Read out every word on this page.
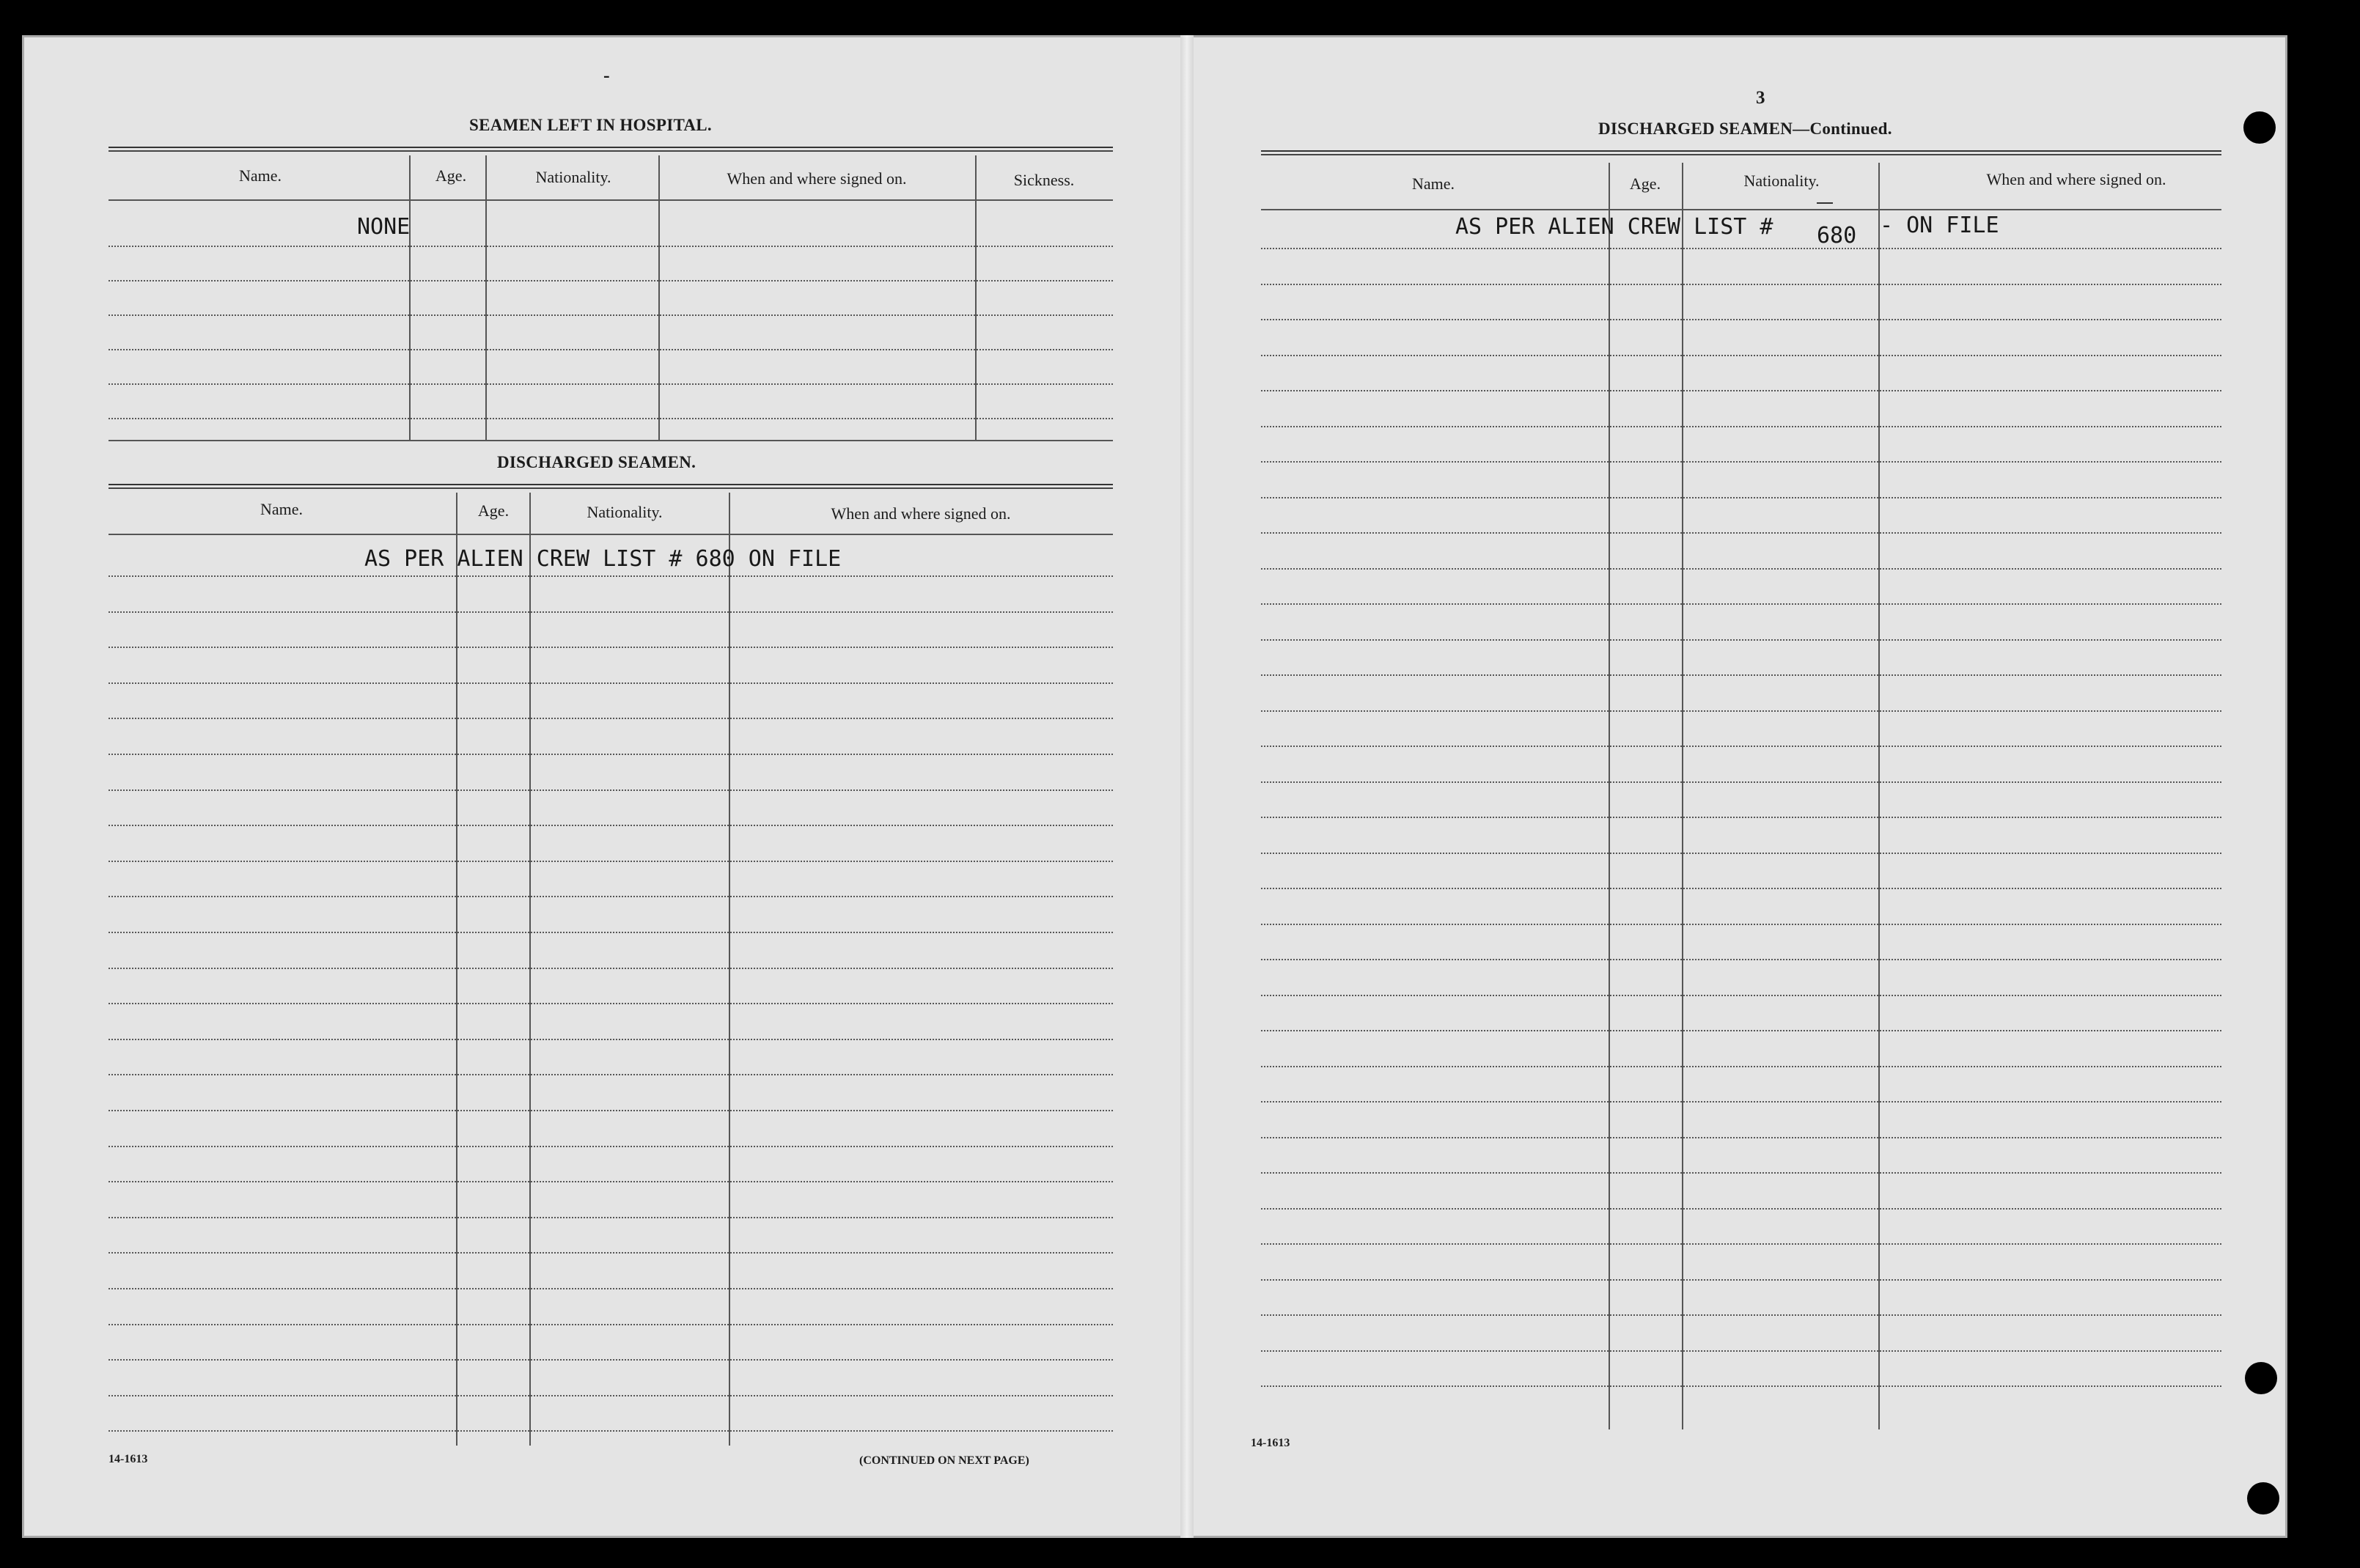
-
SEAMEN LEFT IN HOSPITAL.
Name.	Age.	Nationality.	When and where signed on.	Sickness.
NONE
DISCHARGED SEAMEN.
Name.	Age.	Nationality.	When and where signed on.
AS PER ALIEN CREW LIST # 680 ON FILE
14-1613	(CONTINUED ON NEXT PAGE)
3
DISCHARGED SEAMEN—Continued.
Name.	Age.	Nationality.	When and where signed on.
AS PER ALIEN CREW LIST # 680 - ON FILE
14-1613
